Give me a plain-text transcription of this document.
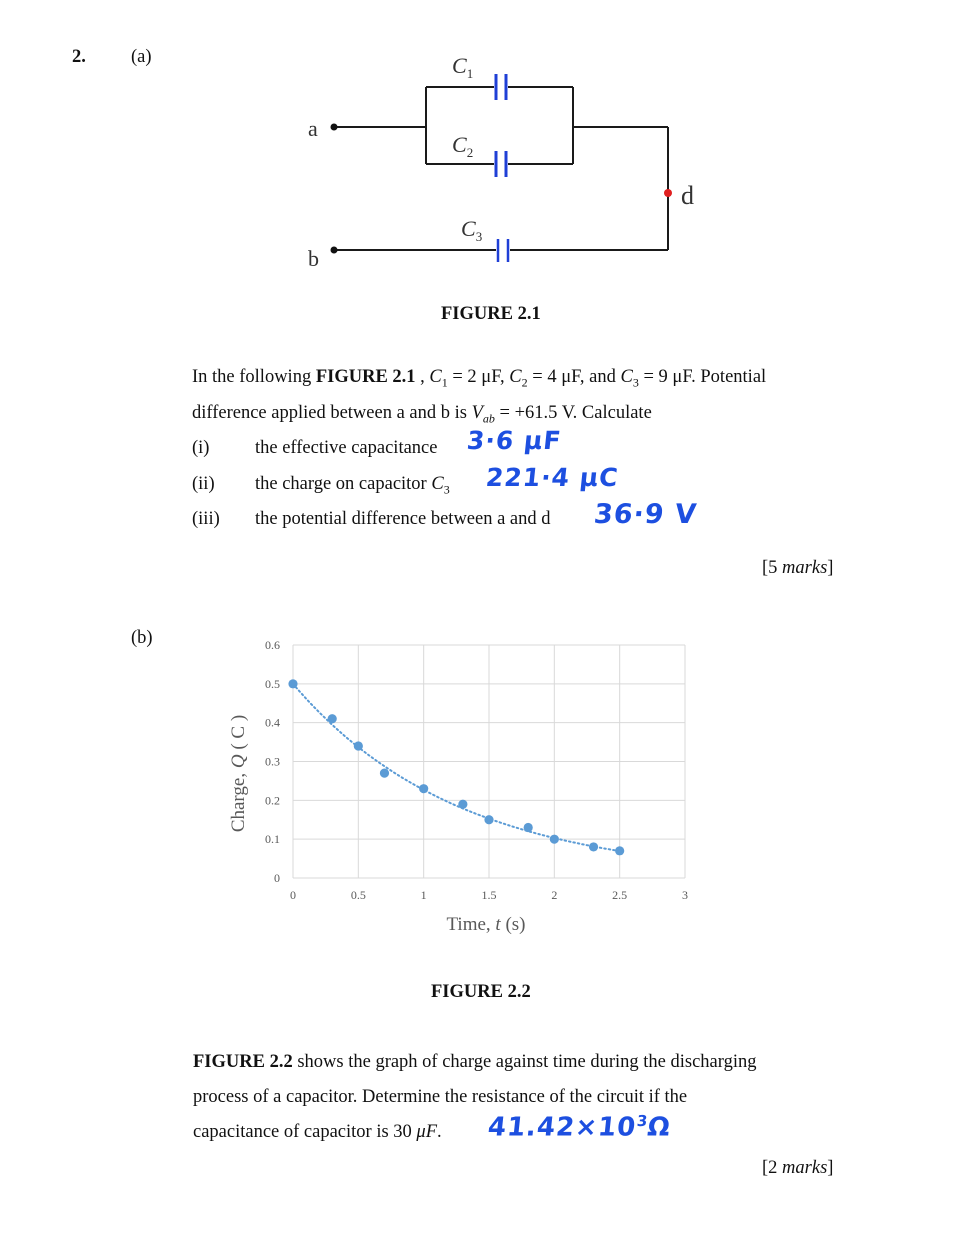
2. (a)
a
b
d
$C_1$
$C_2$
$C_3$
FIGURE 2.1
In the following FIGURE 2.1 , $C_1 = 2$ μF, $C_2 = 4$ μF, and $C_3 = 9$ μF. Potential
difference applied between a and b is $V_{ab} = +61.5$ V. Calculate
(i) the effective capacitance 3·6 μF
(ii) the charge on capacitor $C_3$ 221·4 μC
(iii) the potential difference between a and d 36·9 V
[5 marks]
(b)
0
0.1
0.2
0.3
0.4
0.5
0.6
0	0.5	1	1.5	2	2.5	3
Time, t (s)
Charge, Q ( C )
FIGURE 2.2
FIGURE 2.2 shows the graph of charge against time during the discharging
process of a capacitor. Determine the resistance of the circuit if the
capacitance of capacitor is 30 μF. $41.42\times 10^3\Omega$
[2 marks]
